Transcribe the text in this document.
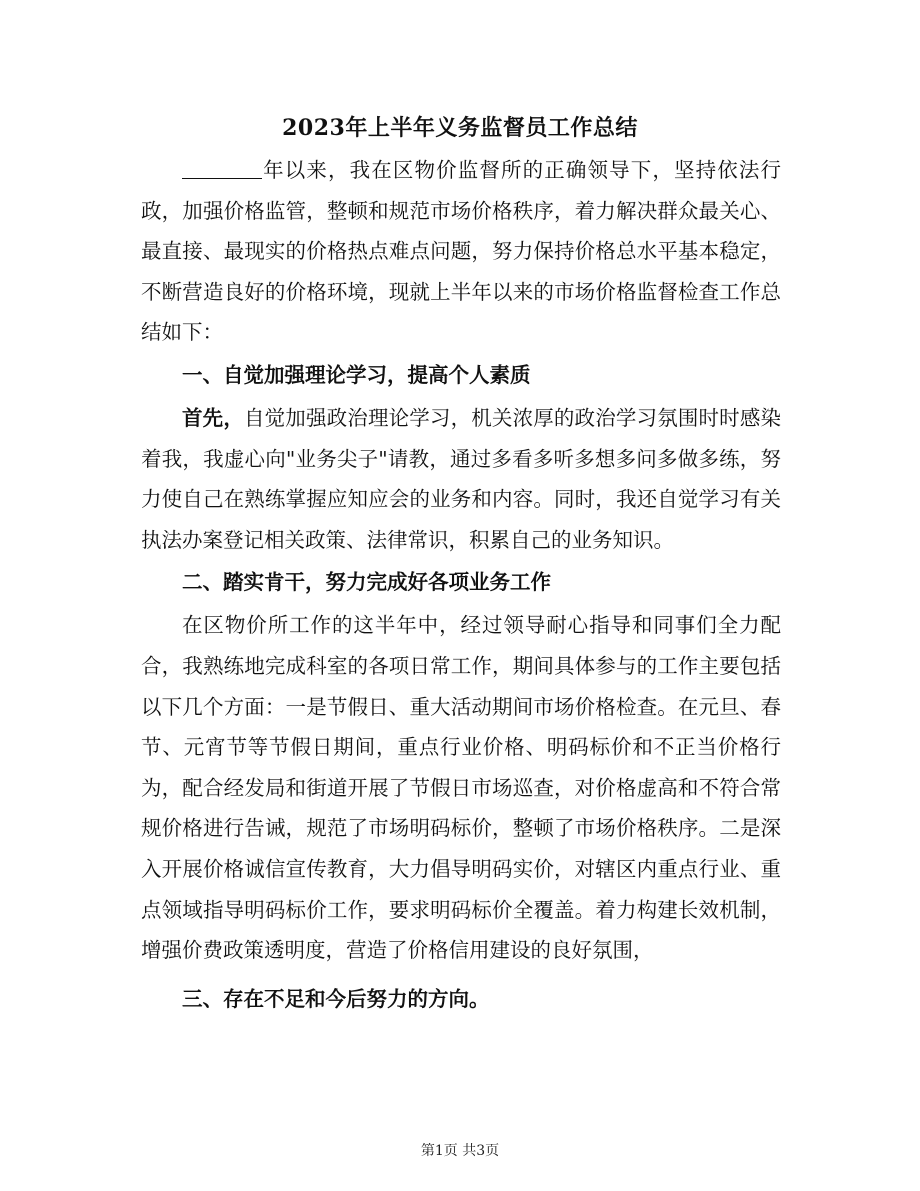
2023年上半年义务监督员工作总结

年以来，我在区物价监督所的正确领导下，坚持依法行政，加强价格监管，整顿和规范市场价格秩序，着力解决群众最关心、最直接、最现实的价格热点难点问题，努力保持价格总水平基本稳定，不断营造良好的价格环境，现就上半年以来的市场价格监督检查工作总结如下：

一、自觉加强理论学习，提高个人素质

首先，自觉加强政治理论学习，机关浓厚的政治学习氛围时时感染着我，我虚心向"业务尖子"请教，通过多看多听多想多问多做多练，努力使自己在熟练掌握应知应会的业务和内容。同时，我还自觉学习有关执法办案登记相关政策、法律常识，积累自己的业务知识。

二、踏实肯干，努力完成好各项业务工作

在区物价所工作的这半年中，经过领导耐心指导和同事们全力配合，我熟练地完成科室的各项日常工作，期间具体参与的工作主要包括以下几个方面：一是节假日、重大活动期间市场价格检查。在元旦、春节、元宵节等节假日期间，重点行业价格、明码标价和不正当价格行为，配合经发局和街道开展了节假日市场巡查，对价格虚高和不符合常规价格进行告诫，规范了市场明码标价，整顿了市场价格秩序。二是深入开展价格诚信宣传教育，大力倡导明码实价，对辖区内重点行业、重点领域指导明码标价工作，要求明码标价全覆盖。着力构建长效机制，增强价费政策透明度，营造了价格信用建设的良好氛围，

三、存在不足和今后努力的方向。

第1页 共3页
